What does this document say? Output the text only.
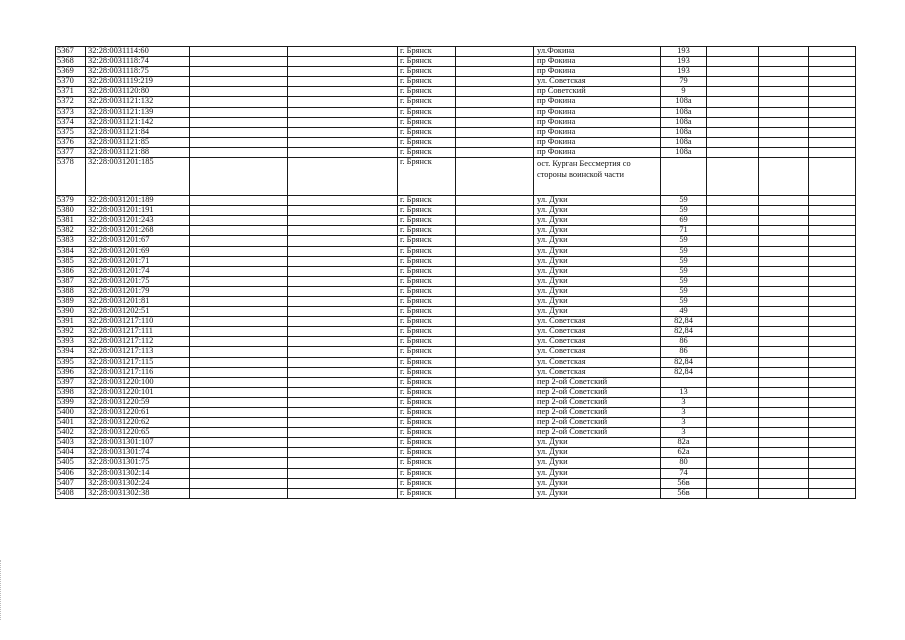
5367	32:28:0031114:60			г. Брянск		ул.Фокина	193			
5368	32:28:0031118:74			г. Брянск		пр Фокина	193			
5369	32:28:0031118:75			г. Брянск		пр Фокина	193			
5370	32:28:0031119:219			г. Брянск		ул. Советская	79			
5371	32:28:0031120:80			г. Брянск		пр Советский	9			
5372	32:28:0031121:132			г. Брянск		пр Фокина	108а			
5373	32:28:0031121:139			г. Брянск		пр Фокина	108а			
5374	32:28:0031121:142			г. Брянск		пр Фокина	108а			
5375	32:28:0031121:84			г. Брянск		пр Фокина	108а			
5376	32:28:0031121:85			г. Брянск		пр Фокина	108а			
5377	32:28:0031121:88			г. Брянск		пр Фокина	108а			
5378	32:28:0031201:185			г. Брянск		ост. Курган Бессмертия со стороны воинской части				
5379	32:28:0031201:189			г. Брянск		ул. Дуки	59			
5380	32:28:0031201:191			г. Брянск		ул. Дуки	59			
5381	32:28:0031201:243			г. Брянск		ул. Дуки	69			
5382	32:28:0031201:268			г. Брянск		ул. Дуки	71			
5383	32:28:0031201:67			г. Брянск		ул. Дуки	59			
5384	32:28:0031201:69			г. Брянск		ул. Дуки	59			
5385	32:28:0031201:71			г. Брянск		ул. Дуки	59			
5386	32:28:0031201:74			г. Брянск		ул. Дуки	59			
5387	32:28:0031201:75			г. Брянск		ул. Дуки	59			
5388	32:28:0031201:79			г. Брянск		ул. Дуки	59			
5389	32:28:0031201:81			г. Брянск		ул. Дуки	59			
5390	32:28:0031202:51			г. Брянск		ул. Дуки	49			
5391	32:28:0031217:110			г. Брянск		ул. Советская	82,84			
5392	32:28:0031217:111			г. Брянск		ул. Советская	82,84			
5393	32:28:0031217:112			г. Брянск		ул. Советская	86			
5394	32:28:0031217:113			г. Брянск		ул. Советская	86			
5395	32:28:0031217:115			г. Брянск		ул. Советская	82,84			
5396	32:28:0031217:116			г. Брянск		ул. Советская	82,84			
5397	32:28:0031220:100			г. Брянск		пер 2-ой Советский				
5398	32:28:0031220:101			г. Брянск		пер 2-ой Советский	13			
5399	32:28:0031220:59			г. Брянск		пер 2-ой Советский	3			
5400	32:28:0031220:61			г. Брянск		пер 2-ой Советский	3			
5401	32:28:0031220:62			г. Брянск		пер 2-ой Советский	3			
5402	32:28:0031220:65			г. Брянск		пер 2-ой Советский	3			
5403	32:28:0031301:107			г. Брянск		ул. Дуки	82а			
5404	32:28:0031301:74			г. Брянск		ул. Дуки	62а			
5405	32:28:0031301:75			г. Брянск		ул. Дуки	80			
5406	32:28:0031302:14			г. Брянск		ул. Дуки	74			
5407	32:28:0031302:24			г. Брянск		ул. Дуки	56в			
5408	32:28:0031302:38			г. Брянск		ул. Дуки	56в			
